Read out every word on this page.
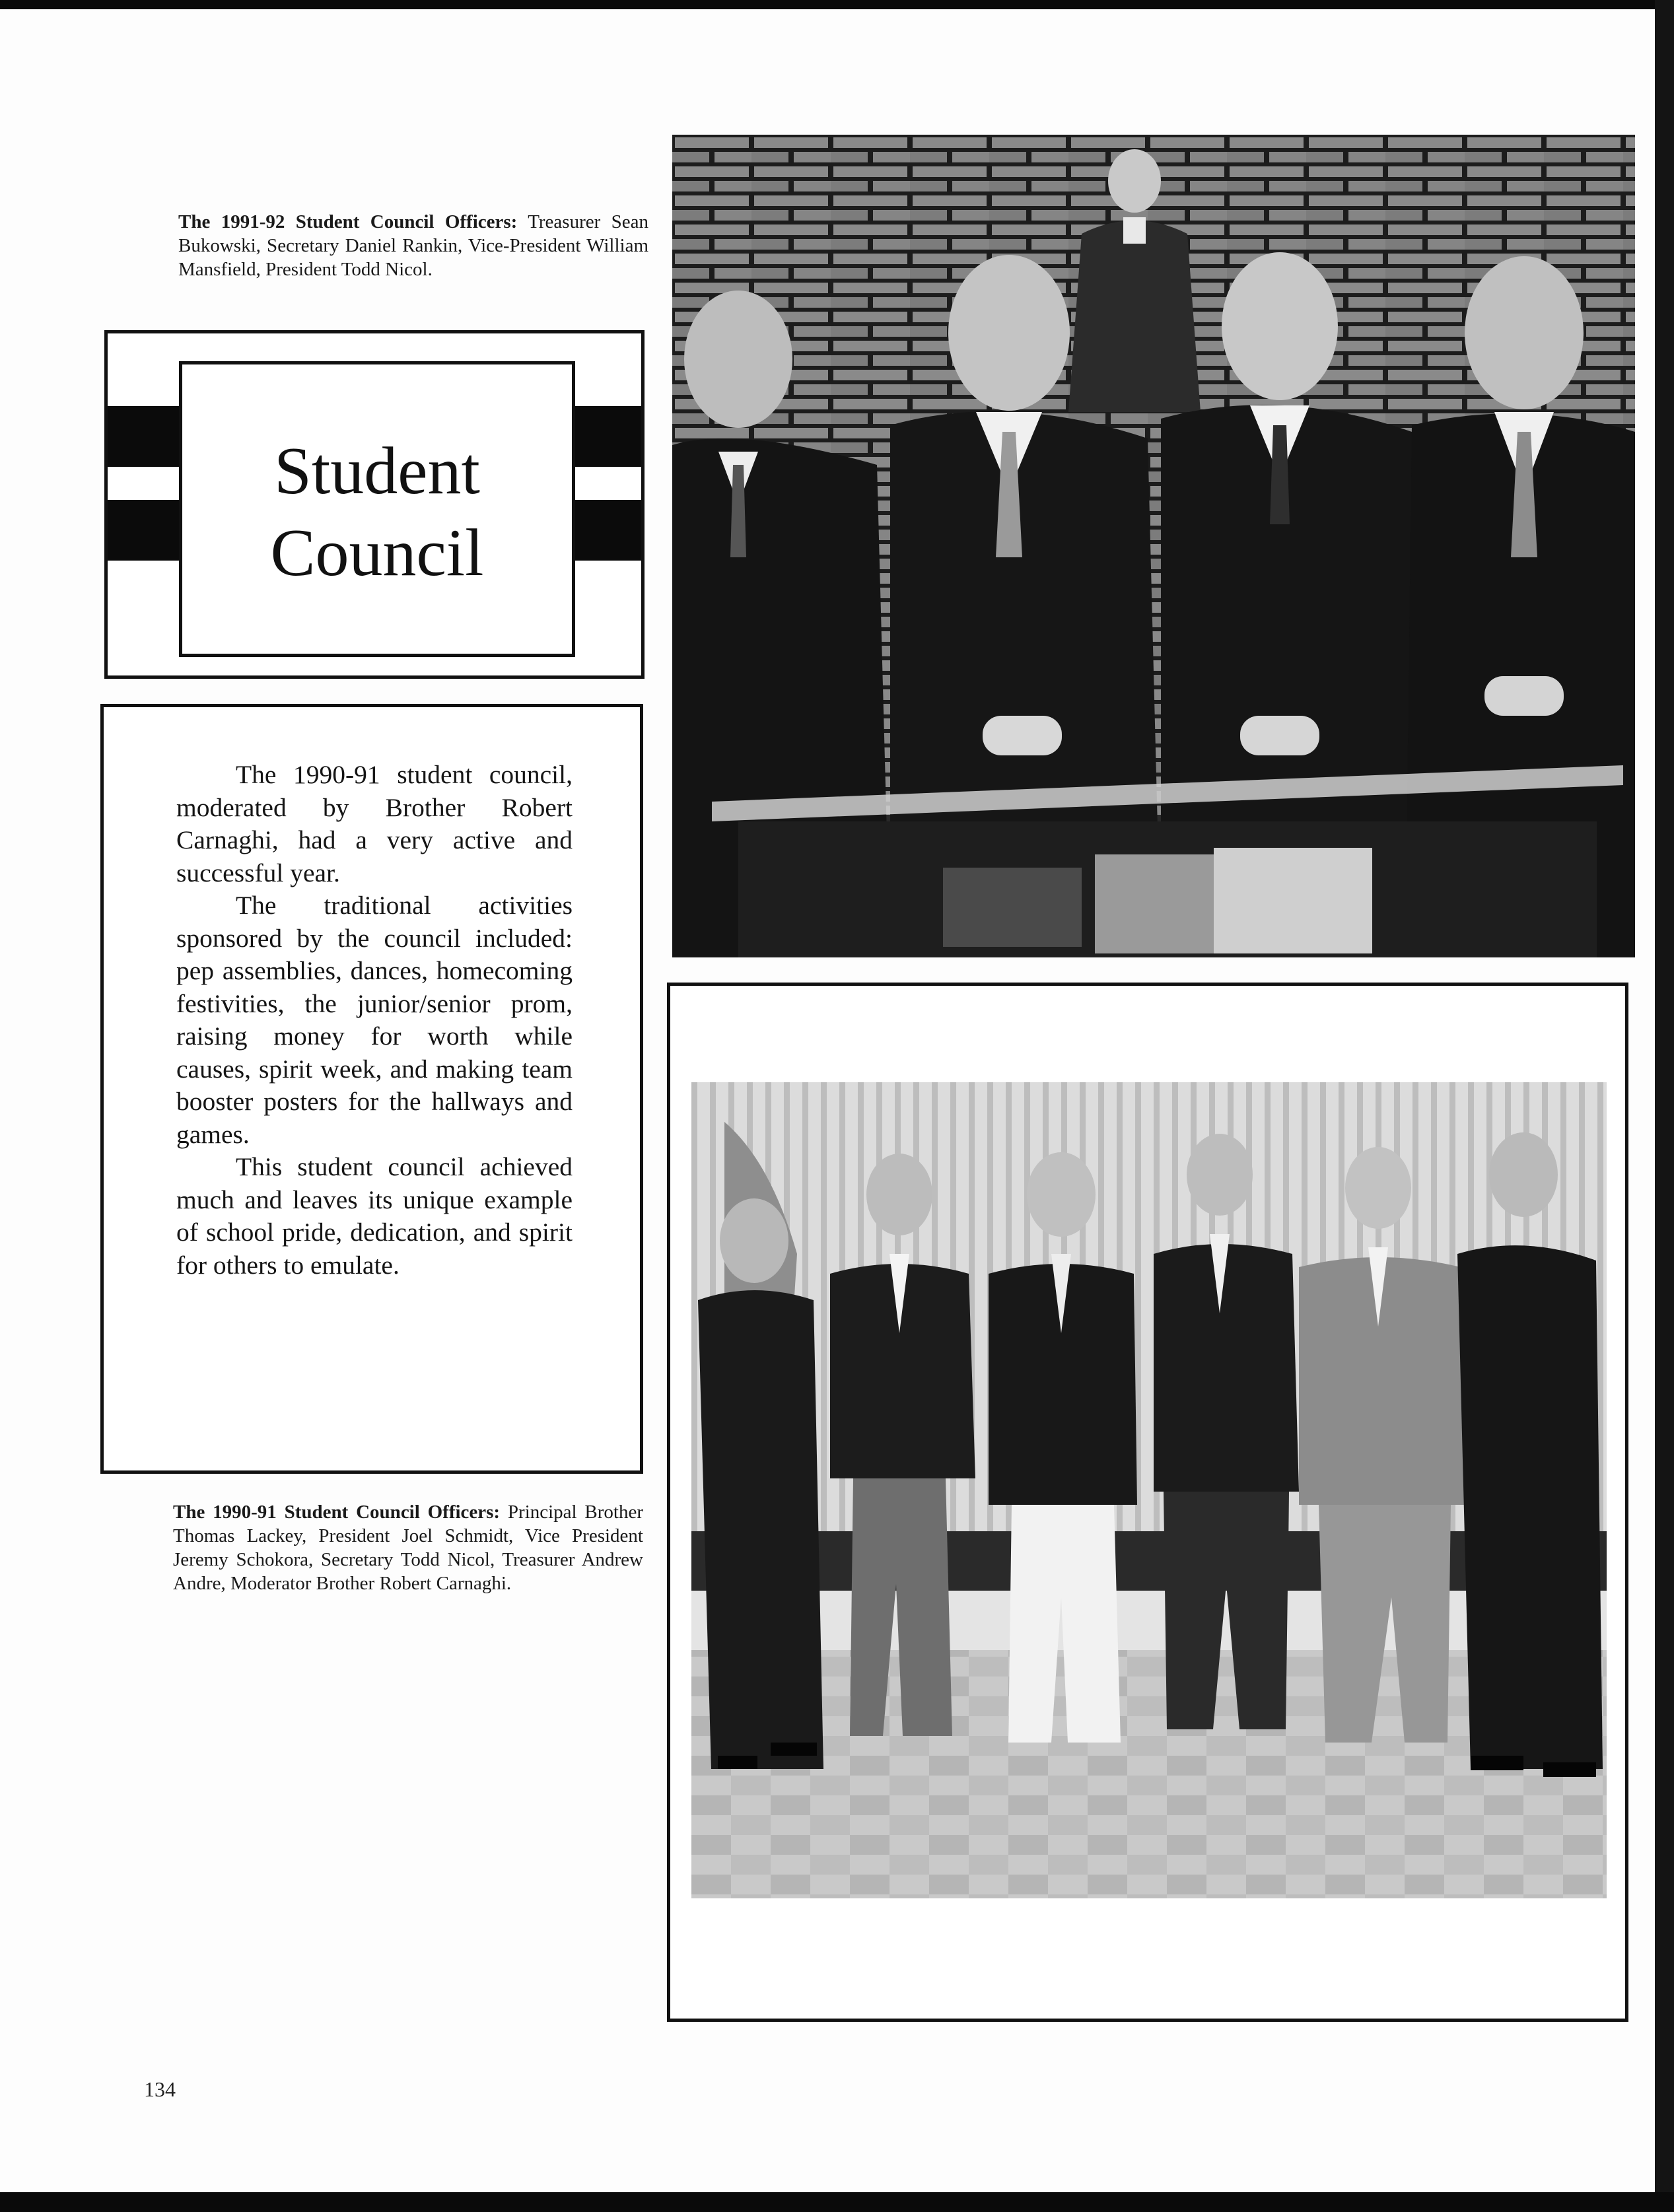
The 1991-92 Student Council Officers: Treasurer Sean Bukowski, Secretary Daniel Rankin, Vice-President William Mansfield, President Todd Nicol.
Student
Council

The 1990-91 student council, moderated by Brother Robert Carnaghi, had a very active and successful year.

The traditional activities sponsored by the council included: pep assemblies, dances, homecoming festivities, the junior/senior prom, raising money for worth while causes, spirit week, and making team booster posters for the hallways and games.

This student council achieved much and leaves its unique example of school pride, dedication, and spirit for others to emulate.

The 1990-91 Student Council Officers: Principal Brother Thomas Lackey, President Joel Schmidt, Vice President Jeremy Schokora, Secretary Todd Nicol, Treasurer Andrew Andre, Moderator Brother Robert Carnaghi.
134
